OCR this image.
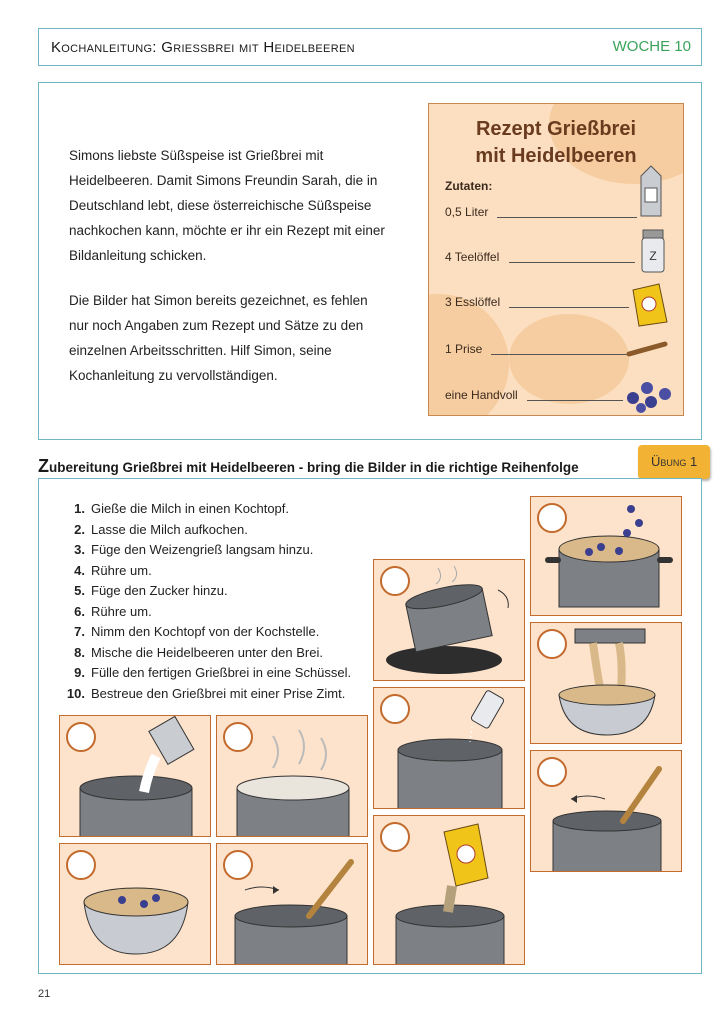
Kochanleitung: Griessbrei mit Heidelbeeren	WOCHE 10

Simons liebste Süßspeise ist Grießbrei mit Heidelbeeren. Damit Simons Freundin Sarah, die in Deutschland lebt, diese österreichische Süßspeise nachkochen kann, möchte er ihr ein Rezept mit einer Bildanleitung schicken.

Die Bilder hat Simon bereits gezeichnet, es fehlen nur noch Angaben zum Rezept und Sätze zu den einzelnen Arbeitsschritten. Hilf Simon, seine Kochanleitung zu vervollständigen.

Rezept Grießbrei
mit Heidelbeeren
Zutaten:
0,5 Liter
4 Teelöffel
3 Esslöffel
1 Prise
eine Handvoll
Z
Zubereitung Grießbrei mit Heidelbeeren - bring die Bilder in die richtige Reihenfolge	Übung 1
1. Gieße die Milch in einen Kochtopf.
2. Lasse die Milch aufkochen.
3. Füge den Weizengrieß langsam hinzu.
4. Rühre um.
5. Füge den Zucker hinzu.
6. Rühre um.
7. Nimm den Kochtopf von der Kochstelle.
8. Mische die Heidelbeeren unter den Brei.
9. Fülle den fertigen Grießbrei in eine Schüssel.
10. Bestreue den Grießbrei mit einer Prise Zimt.
21
